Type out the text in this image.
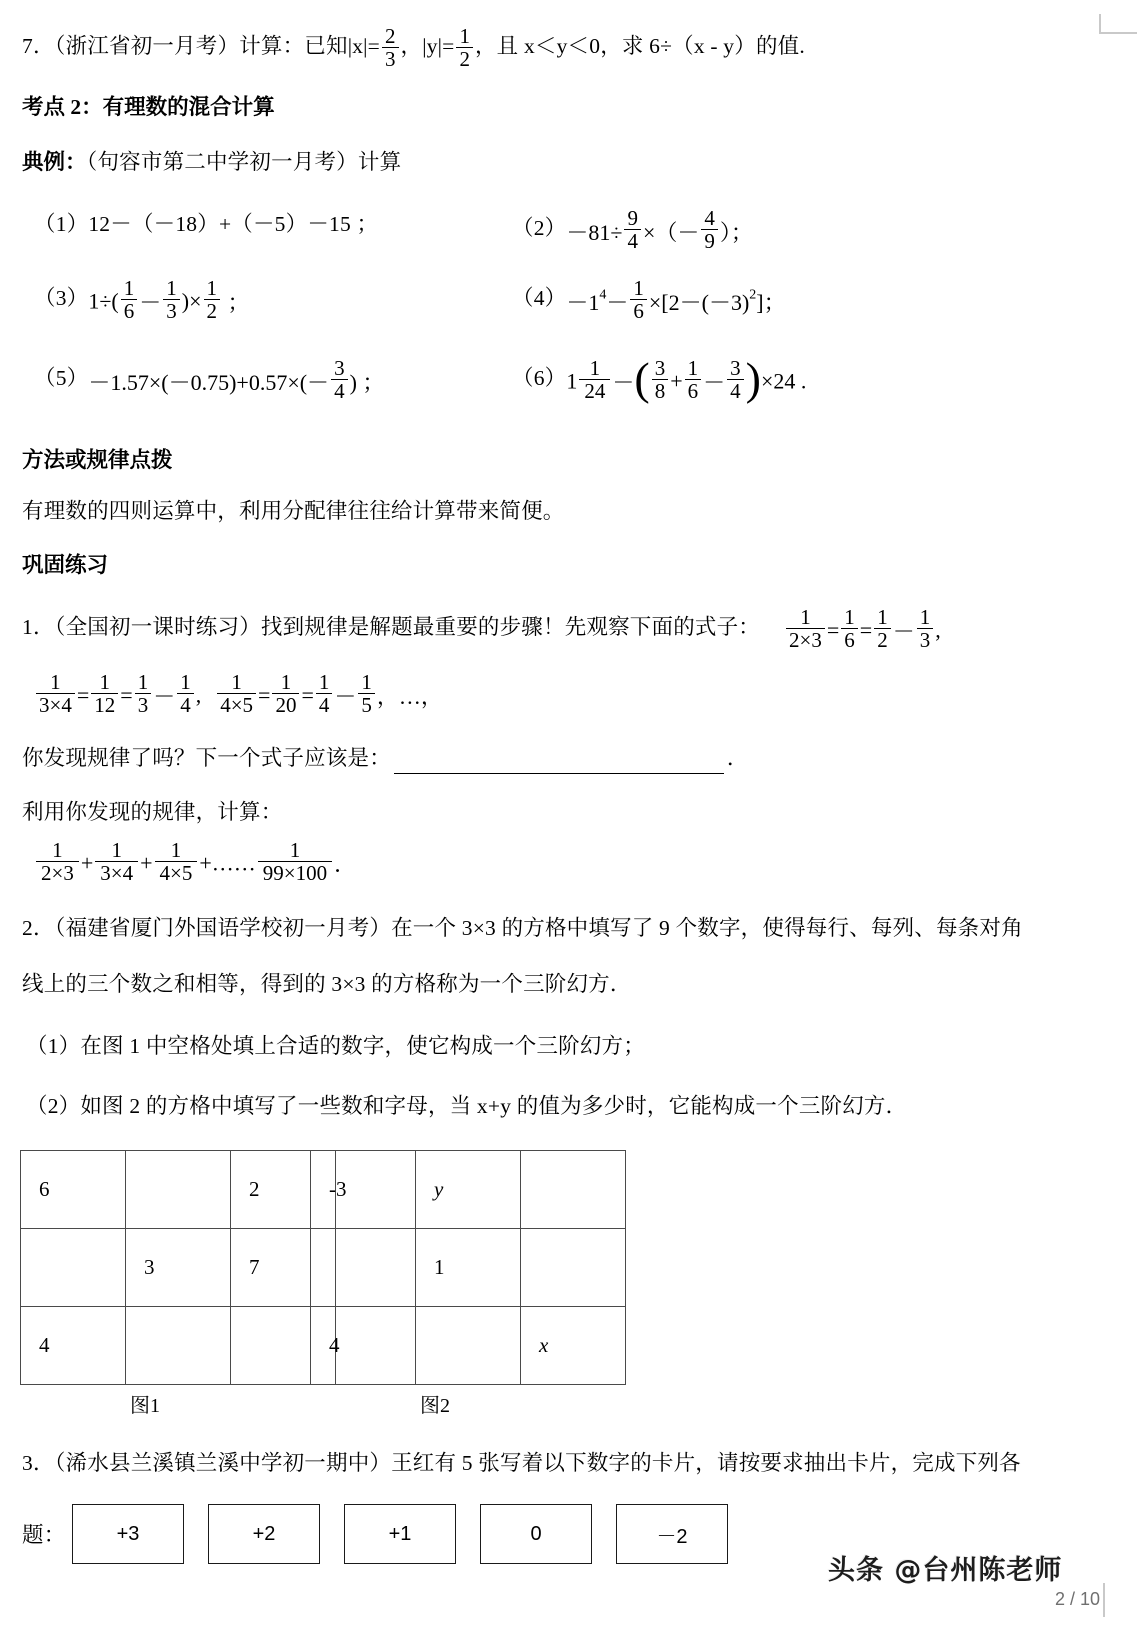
7．（浙江省初一月考）计算：已知$|x|= \frac{2}{3}$ ，$|y|= \frac{1}{2}$ ，且 x＜y＜0，求 6÷（x - y）的值.
考点 2：有理数的混合计算
典例：（句容市第二中学初一月考）计算
（1）12－（－18）+（－5）－15 ；	$(2)-81\div \frac{9}{4}$ ×（－ $\frac{4}{9}$ ）；
$(3)1\div( \frac{1}{6} - \frac{1}{3}$ )× $\frac{1}{2}$ ；	$(4)-14- \frac{1}{6} \times[2-(-3)2]$；
$(5)-1.57\times(-0.75)+0.57\times(- \frac{3}{4}$ ) ；	$(6)1 \frac{1}{24}$ －( $\frac{3}{8} + \frac{1}{6} - \frac{3}{4} )\times 24$ .
方法或规律点拨
有理数的四则运算中，利用分配律往往给计算带来简便。
巩固练习
1．（全国初一课时练习）找到规律是解题最重要的步骤！先观察下面的式子： $\frac{1}{2\times 3} = \frac{1}{6} = \frac{1}{2} - \frac{1}{3}$ ,
$\frac{1}{3\times 4} = \frac{1}{12} = \frac{1}{3} - \frac{1}{4}$ , $\frac{1}{4\times 5} = \frac{1}{20} = \frac{1}{4} - \frac{1}{5}$ ，…，
你发现规律了吗？下一个式子应该是：	．
利用你发现的规律，计算：
$\frac{1}{2\times 3} + \frac{1}{3\times 4} + \frac{1}{4\times 5}$ +…… $\frac{1}{99\times 100}$ ．
2．（福建省厦门外国语学校初一月考）在一个 3×3 的方格中填写了 9 个数字，使得每行、每列、每条对角
线上的三个数之和相等，得到的 3×3 的方格称为一个三阶幻方．
（1）在图 1 中空格处填上合适的数字，使它构成一个三阶幻方；
（2）如图 2 的方格中填写了一些数和字母，当 x+y 的值为多少时，它能构成一个三阶幻方．
6		2
	3	7
4		
图1
-3	y	
	1	
4		x
图2
3．（浠水县兰溪镇兰溪中学初一期中）王红有 5 张写着以下数字的卡片，请按要求抽出卡片，完成下列各
题：	+3	+2	+1	0	－2
头条 @台州陈老师
2 / 10
